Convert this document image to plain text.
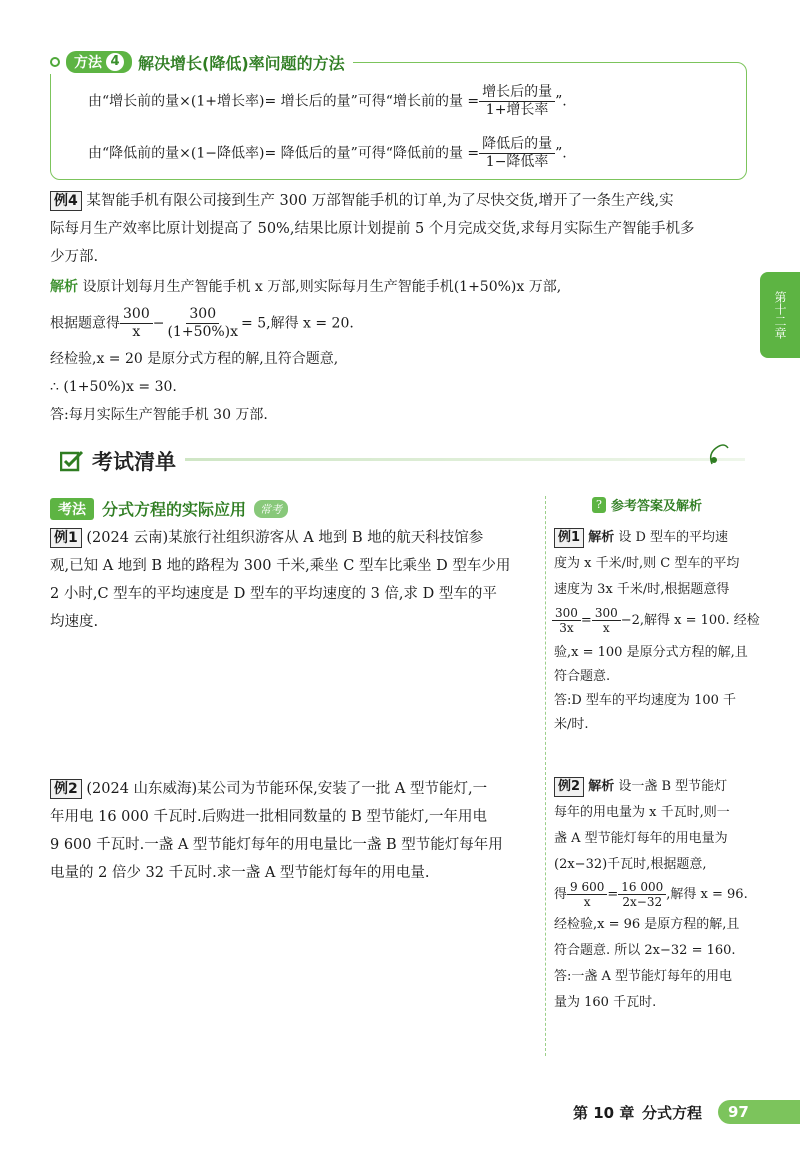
方法 4 解决增长(降低)率问题的方法
由“增长前的量×(1+增长率)= 增长后的量”可得“增长前的量 = $\frac{\text{增长后的量}}{\text{1+增长率}}$ ”.
由“降低前的量×(1−降低率)= 降低后的量”可得“降低前的量 = $\frac{\text{降低后的量}}{\text{1−降低率}}$ ”.
例4 某智能手机有限公司接到生产 300 万部智能手机的订单,为了尽快交货,增开了一条生产线,实
际每月生产效率比原计划提高了 50%,结果比原计划提前 5 个月完成交货,求每月实际生产智能手机多
少万部.
解析 设原计划每月生产智能手机 x 万部,则实际每月生产智能手机(1+50%)x 万部,
根据题意得 $\frac{300}{x} - \frac{300}{(1+50\%)x} = 5$,解得 x = 20.
经检验,x = 20 是原分式方程的解,且符合题意,
∴ (1+50%)x = 30.
答:每月实际生产智能手机 30 万部.
第十二章
考试清单
考法	分式方程的实际应用	常考
例1 (2024 云南)某旅行社组织游客从 A 地到 B 地的航天科技馆参
观,已知 A 地到 B 地的路程为 300 千米,乘坐 C 型车比乘坐 D 型车少用
2 小时,C 型车的平均速度是 D 型车的平均速度的 3 倍,求 D 型车的平
均速度.
例2 (2024 山东威海)某公司为节能环保,安装了一批 A 型节能灯,一
年用电 16 000 千瓦时.后购进一批相同数量的 B 型节能灯,一年用电
9 600 千瓦时.一盏 A 型节能灯每年的用电量比一盏 B 型节能灯每年用
电量的 2 倍少 32 千瓦时.求一盏 A 型节能灯每年的用电量.
? 参考答案及解析
例1 解析 设 D 型车的平均速
度为 x 千米/时,则 C 型车的平均
速度为 3x 千米/时,根据题意得
$\frac{300}{3x} = \frac{300}{x} -2$,解得 x = 100. 经检
验,x = 100 是原分式方程的解,且
符合题意.
答:D 型车的平均速度为 100 千
米/时.
例2 解析 设一盏 B 型节能灯
每年的用电量为 x 千瓦时,则一
盏 A 型节能灯每年的用电量为
(2x−32)千瓦时,根据题意,
得 $\frac{9 600}{x} = \frac{16 000}{2x-32}$ ,解得 x = 96.
经检验,x = 96 是原方程的解,且
符合题意. 所以 2x−32 = 160.
答:一盏 A 型节能灯每年的用电
量为 160 千瓦时.
第 10 章 分式方程	97
